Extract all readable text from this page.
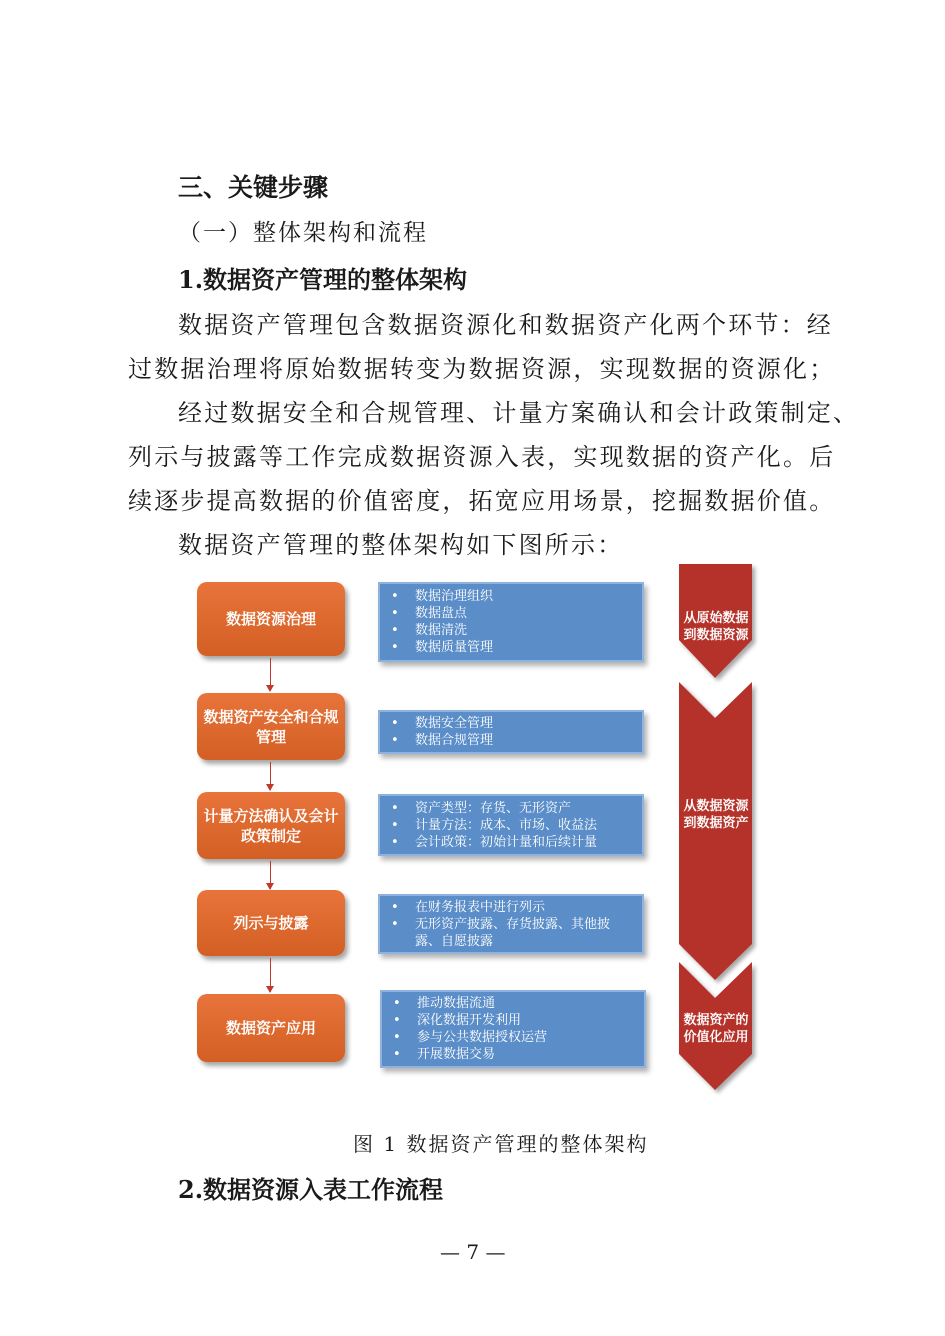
三、关键步骤
（一）整体架构和流程
1.数据资产管理的整体架构
数据资产管理包含数据资源化和数据资产化两个环节：经
过数据治理将原始数据转变为数据资源，实现数据的资源化；
经过数据安全和合规管理、计量方案确认和会计政策制定、
列示与披露等工作完成数据资源入表，实现数据的资产化。后
续逐步提高数据的价值密度，拓宽应用场景，挖掘数据价值。
数据资产管理的整体架构如下图所示：
从原始数据到数据资源
从数据资源到数据资产
数据资产的价值化应用
数据资源治理
• 数据治理组织
• 数据盘点
• 数据清洗
• 数据质量管理
数据资产安全和合规管理
• 数据安全管理
• 数据合规管理
计量方法确认及会计政策制定
• 资产类型：存货、无形资产
• 计量方法：成本、市场、收益法
• 会计政策：初始计量和后续计量
列示与披露
• 在财务报表中进行列示
• 无形资产披露、存货披露、其他披露、自愿披露
数据资产应用
• 推动数据流通
• 深化数据开发利用
• 参与公共数据授权运营
• 开展数据交易
图 1 数据资产管理的整体架构
2.数据资源入表工作流程
— 7 —
